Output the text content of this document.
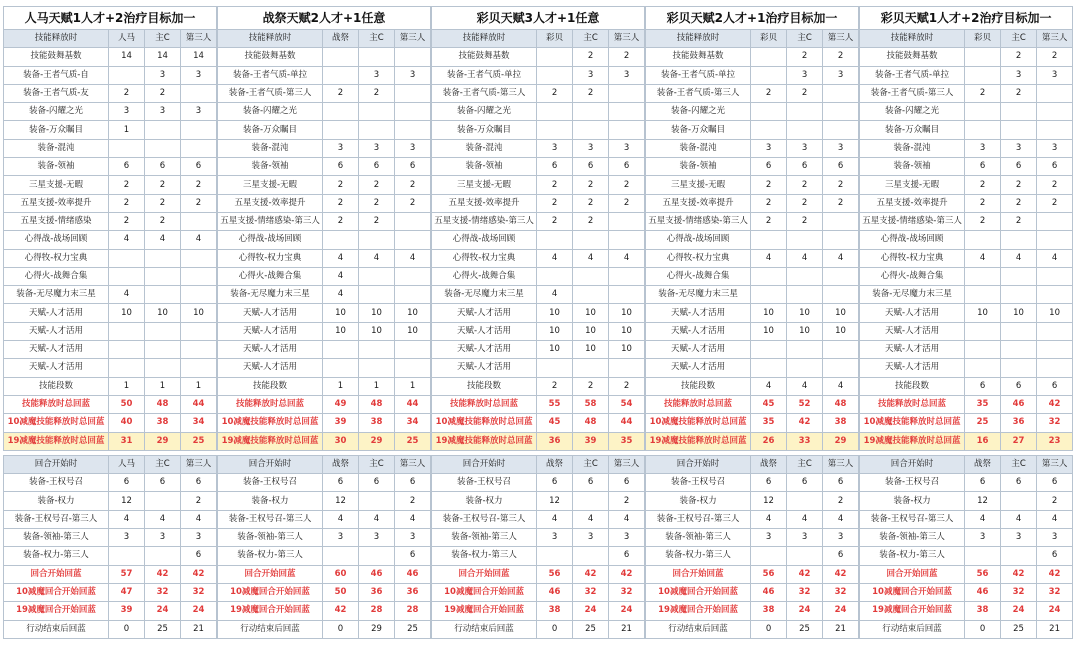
人马天赋1人才+2治疗目标加一			
技能释放时	人马	主C	第三人
技能鼓舞基数	14	14	14
装备-王者气质-自		3	3
装备-王者气质-友	2	2	
装备-闪耀之光	3	3	3
装备-万众瞩目	1		
装备-混沌			
装备-领袖	6	6	6
三星支援-无暇	2	2	2
五星支援-效率提升	2	2	2
五星支援-情绪感染	2	2	
心得战-战场回顾	4	4	4
心得牧-权力宝典			
心得火-战舞合集			
装备-无尽魔力末三星	4		
天赋-人才活用	10	10	10
天赋-人才活用			
天赋-人才活用			
天赋-人才活用			
技能段数	1	1	1
技能释放时总回蓝	50	48	44
10减魔技能释放时总回蓝	40	38	34
19减魔技能释放时总回蓝	31	29	25

回合开始时	人马	主C	第三人
装备-王权号召	6	6	6
装备-权力	12		2
装备-王权号召-第三人	4	4	4
装备-领袖-第三人	3	3	3
装备-权力-第三人			6
回合开始回蓝	57	42	42
10减魔回合开始回蓝	47	32	32
19减魔回合开始回蓝	39	24	24
行动结束后回蓝	0	25	21
战祭天赋2人才+1任意			
技能释放时	战祭	主C	第三人
技能鼓舞基数			
装备-王者气质-单拉		3	3
装备-王者气质-第三人	2	2	
装备-闪耀之光			
装备-万众瞩目			
装备-混沌	3	3	3
装备-领袖	6	6	6
三星支援-无暇	2	2	2
五星支援-效率提升	2	2	2
五星支援-情绪感染-第三人	2	2	
心得战-战场回顾			
心得牧-权力宝典	4	4	4
心得火-战舞合集	4		
装备-无尽魔力末三星	4		
天赋-人才活用	10	10	10
天赋-人才活用	10	10	10
天赋-人才活用			
天赋-人才活用			
技能段数	1	1	1
技能释放时总回蓝	49	48	44
10减魔技能释放时总回蓝	39	38	34
19减魔技能释放时总回蓝	30	29	25

回合开始时	战祭	主C	第三人
装备-王权号召	6	6	6
装备-权力	12		2
装备-王权号召-第三人	4	4	4
装备-领袖-第三人	3	3	3
装备-权力-第三人			6
回合开始回蓝	60	46	46
10减魔回合开始回蓝	50	36	36
19减魔回合开始回蓝	42	28	28
行动结束后回蓝	0	29	25
彩贝天赋3人才+1任意			
技能释放时	彩贝	主C	第三人
技能鼓舞基数		2	2
装备-王者气质-单拉		3	3
装备-王者气质-第三人	2	2	
装备-闪耀之光			
装备-万众瞩目			
装备-混沌	3	3	3
装备-领袖	6	6	6
三星支援-无暇	2	2	2
五星支援-效率提升	2	2	2
五星支援-情绪感染-第三人	2	2	
心得战-战场回顾			
心得牧-权力宝典	4	4	4
心得火-战舞合集			
装备-无尽魔力末三星	4		
天赋-人才活用	10	10	10
天赋-人才活用	10	10	10
天赋-人才活用	10	10	10
天赋-人才活用			
技能段数	2	2	2
技能释放时总回蓝	55	58	54
10减魔技能释放时总回蓝	45	48	44
19减魔技能释放时总回蓝	36	39	35

回合开始时	战祭	主C	第三人
装备-王权号召	6	6	6
装备-权力	12		2
装备-王权号召-第三人	4	4	4
装备-领袖-第三人	3	3	3
装备-权力-第三人			6
回合开始回蓝	56	42	42
10减魔回合开始回蓝	46	32	32
19减魔回合开始回蓝	38	24	24
行动结束后回蓝	0	25	21
彩贝天赋2人才+1治疗目标加一			
技能释放时	彩贝	主C	第三人
技能鼓舞基数		2	2
装备-王者气质-单拉		3	3
装备-王者气质-第三人	2	2	
装备-闪耀之光			
装备-万众瞩目			
装备-混沌	3	3	3
装备-领袖	6	6	6
三星支援-无暇	2	2	2
五星支援-效率提升	2	2	2
五星支援-情绪感染-第三人	2	2	
心得战-战场回顾			
心得牧-权力宝典	4	4	4
心得火-战舞合集			
装备-无尽魔力末三星			
天赋-人才活用	10	10	10
天赋-人才活用	10	10	10
天赋-人才活用			
天赋-人才活用			
技能段数	4	4	4
技能释放时总回蓝	45	52	48
10减魔技能释放时总回蓝	35	42	38
19减魔技能释放时总回蓝	26	33	29

回合开始时	战祭	主C	第三人
装备-王权号召	6	6	6
装备-权力	12		2
装备-王权号召-第三人	4	4	4
装备-领袖-第三人	3	3	3
装备-权力-第三人			6
回合开始回蓝	56	42	42
10减魔回合开始回蓝	46	32	32
19减魔回合开始回蓝	38	24	24
行动结束后回蓝	0	25	21
彩贝天赋1人才+2治疗目标加一			
技能释放时	彩贝	主C	第三人
技能鼓舞基数		2	2
装备-王者气质-单拉		3	3
装备-王者气质-第三人	2	2	
装备-闪耀之光			
装备-万众瞩目			
装备-混沌	3	3	3
装备-领袖	6	6	6
三星支援-无暇	2	2	2
五星支援-效率提升	2	2	2
五星支援-情绪感染-第三人	2	2	
心得战-战场回顾			
心得牧-权力宝典	4	4	4
心得火-战舞合集			
装备-无尽魔力末三星			
天赋-人才活用	10	10	10
天赋-人才活用			
天赋-人才活用			
天赋-人才活用			
技能段数	6	6	6
技能释放时总回蓝	35	46	42
10减魔技能释放时总回蓝	25	36	32
19减魔技能释放时总回蓝	16	27	23

回合开始时	战祭	主C	第三人
装备-王权号召	6	6	6
装备-权力	12		2
装备-王权号召-第三人	4	4	4
装备-领袖-第三人	3	3	3
装备-权力-第三人			6
回合开始回蓝	56	42	42
10减魔回合开始回蓝	46	32	32
19减魔回合开始回蓝	38	24	24
行动结束后回蓝	0	25	21
